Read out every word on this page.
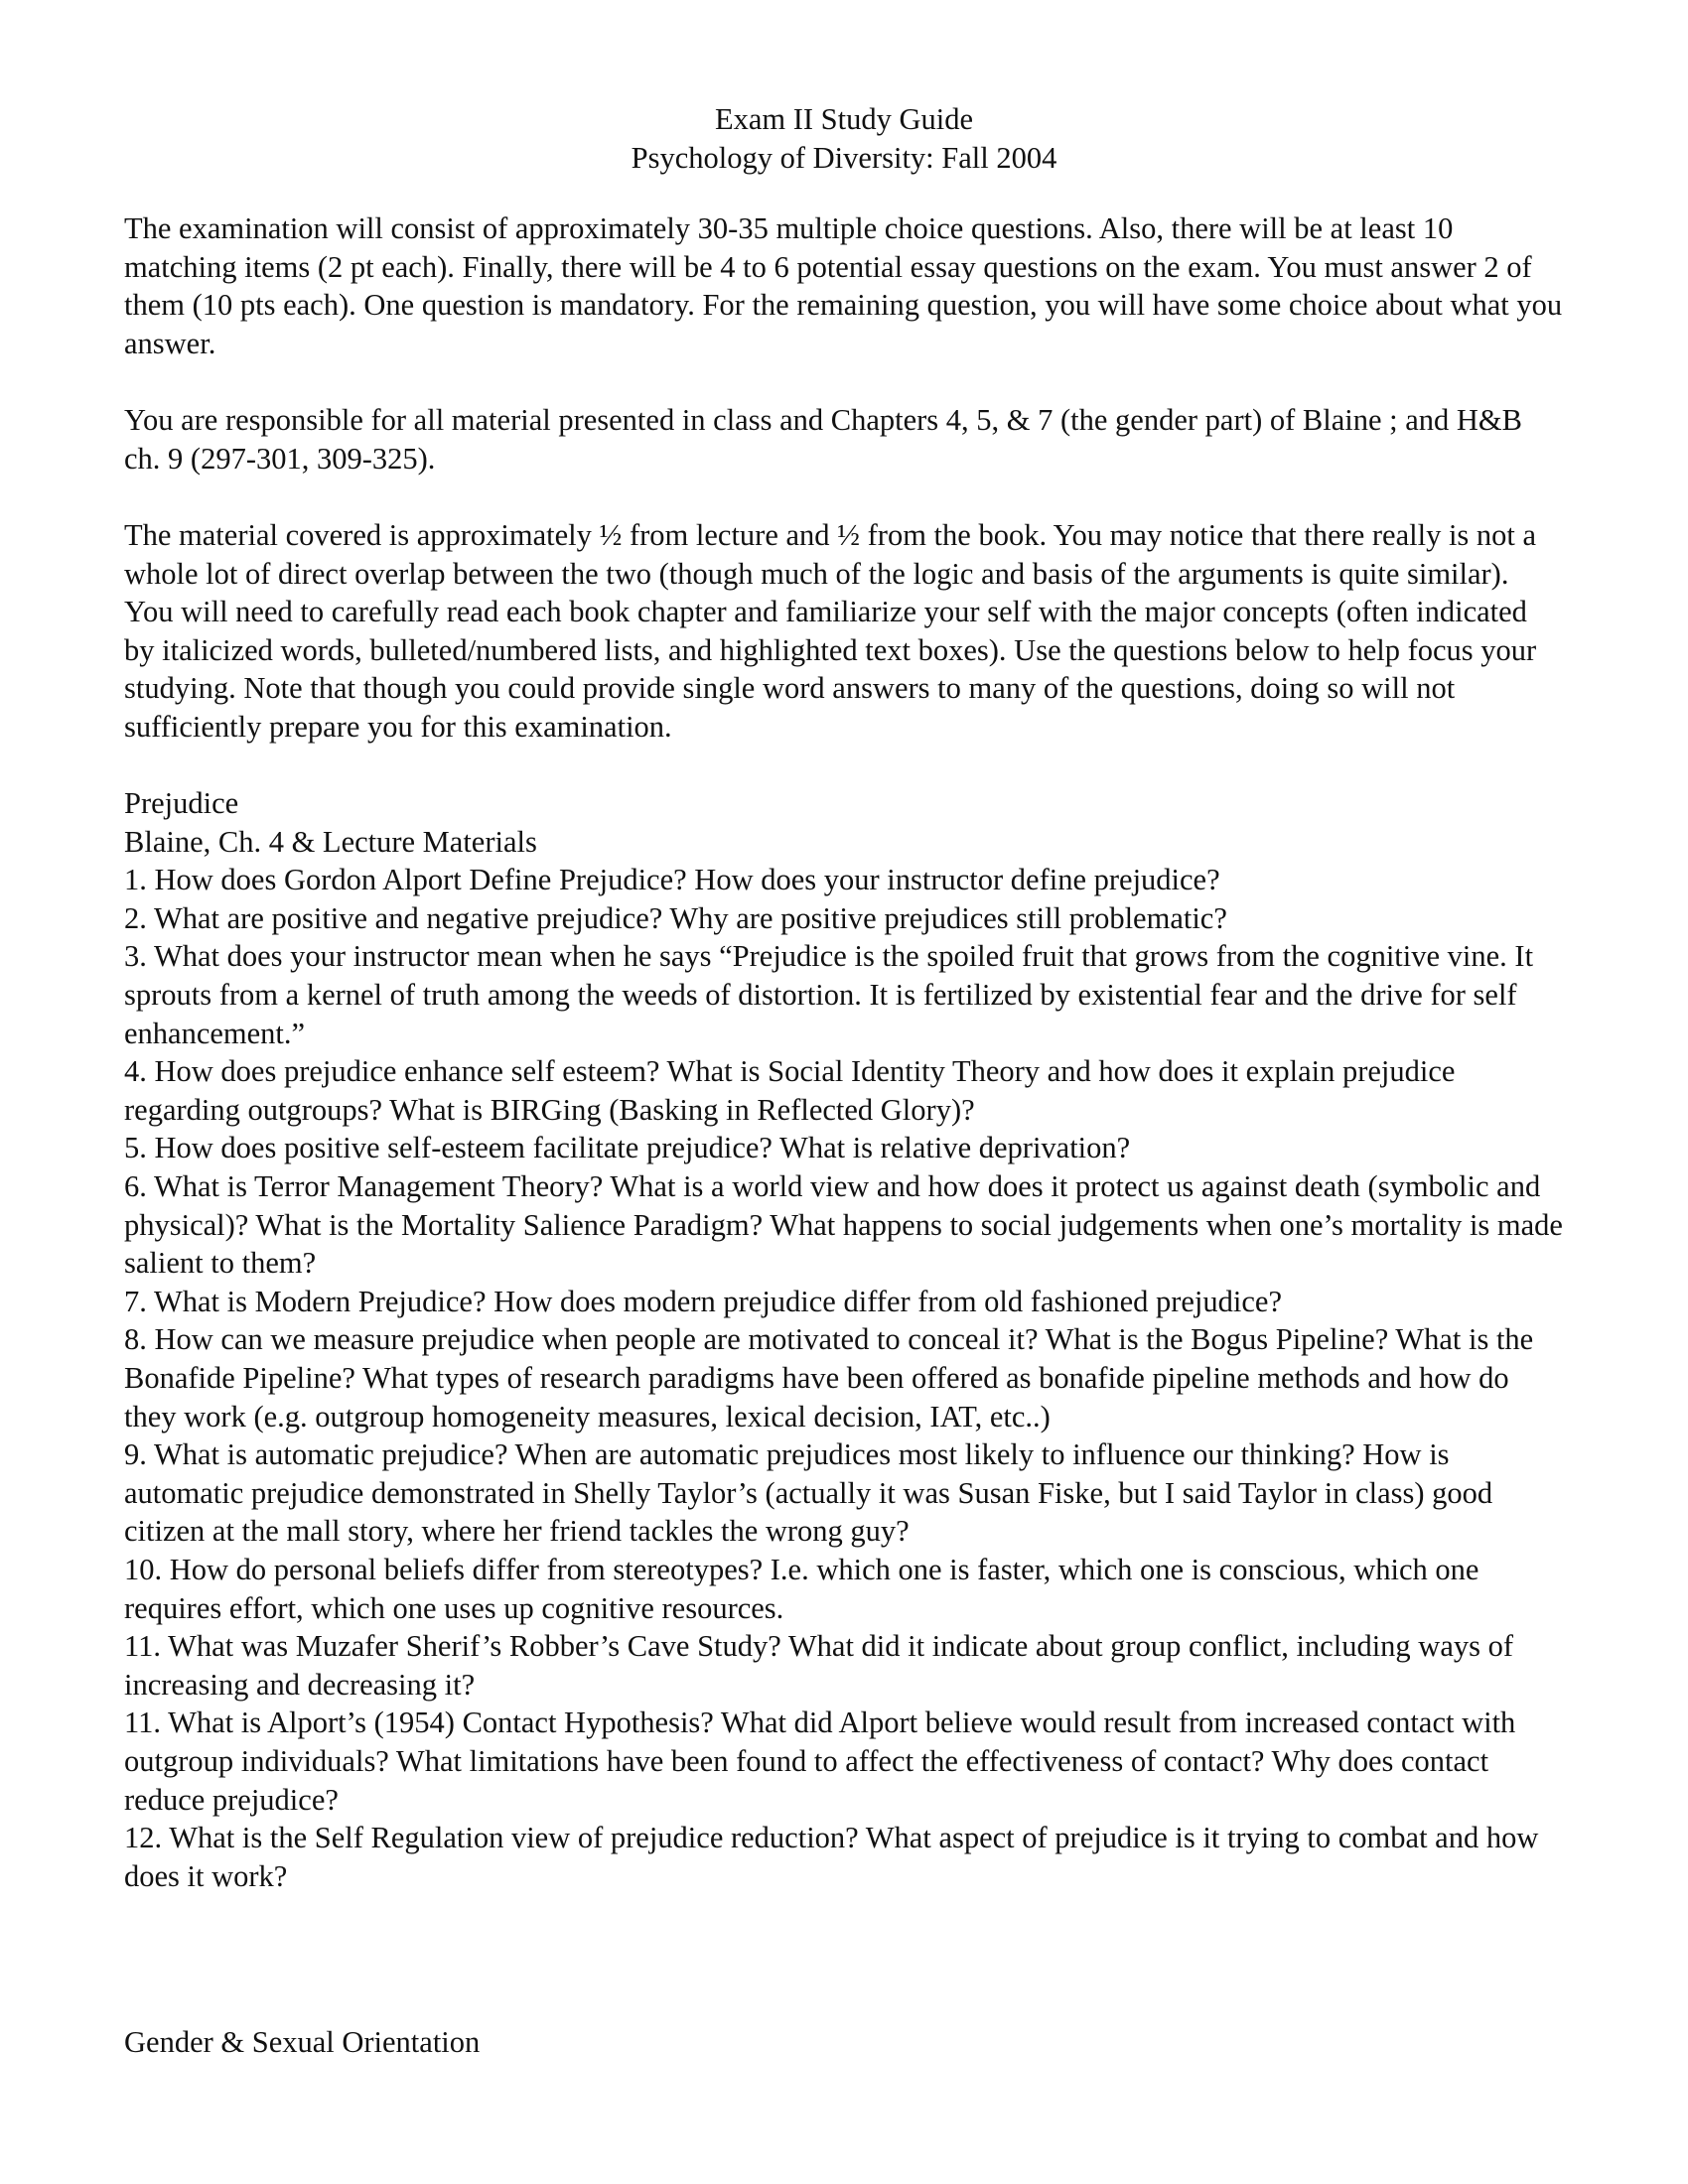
Exam II Study Guide
Psychology of Diversity: Fall 2004

The examination will consist of approximately 30-35 multiple choice questions. Also, there will be at least 10 matching items (2 pt each). Finally, there will be 4 to 6 potential essay questions on the exam. You must answer 2 of them (10 pts each). One question is mandatory. For the remaining question, you will have some choice about what you answer.

You are responsible for all material presented in class and Chapters 4, 5, & 7 (the gender part) of Blaine ; and H&B ch. 9 (297-301, 309-325).

The material covered is approximately ½ from lecture and ½ from the book. You may notice that there really is not a whole lot of direct overlap between the two (though much of the logic and basis of the arguments is quite similar). You will need to carefully read each book chapter and familiarize your self with the major concepts (often indicated by italicized words, bulleted/numbered lists, and highlighted text boxes). Use the questions below to help focus your studying. Note that though you could provide single word answers to many of the questions, doing so will not sufficiently prepare you for this examination.

Prejudice

Blaine, Ch. 4 & Lecture Materials

1. How does Gordon Alport Define Prejudice? How does your instructor define prejudice?
2. What are positive and negative prejudice? Why are positive prejudices still problematic?
3. What does your instructor mean when he says “Prejudice is the spoiled fruit that grows from the cognitive vine. It sprouts from a kernel of truth among the weeds of distortion. It is fertilized by existential fear and the drive for self enhancement.”
4. How does prejudice enhance self esteem? What is Social Identity Theory and how does it explain prejudice regarding outgroups? What is BIRGing (Basking in Reflected Glory)?
5. How does positive self-esteem facilitate prejudice? What is relative deprivation?
6. What is Terror Management Theory? What is a world view and how does it protect us against death (symbolic and physical)? What is the Mortality Salience Paradigm? What happens to social judgements when one’s mortality is made salient to them?
7. What is Modern Prejudice? How does modern prejudice differ from old fashioned prejudice?
8. How can we measure prejudice when people are motivated to conceal it? What is the Bogus Pipeline? What is the Bonafide Pipeline? What types of research paradigms have been offered as bonafide pipeline methods and how do they work (e.g. outgroup homogeneity measures, lexical decision, IAT, etc..)
9. What is automatic prejudice? When are automatic prejudices most likely to influence our thinking? How is automatic prejudice demonstrated in Shelly Taylor’s (actually it was Susan Fiske, but I said Taylor in class) good citizen at the mall story, where her friend tackles the wrong guy?
10. How do personal beliefs differ from stereotypes? I.e. which one is faster, which one is conscious, which one requires effort, which one uses up cognitive resources.
11. What was Muzafer Sherif’s Robber’s Cave Study? What did it indicate about group conflict, including ways of increasing and decreasing it?
11. What is Alport’s (1954) Contact Hypothesis? What did Alport believe would result from increased contact with outgroup individuals? What limitations have been found to affect the effectiveness of contact? Why does contact reduce prejudice?
12. What is the Self Regulation view of prejudice reduction? What aspect of prejudice is it trying to combat and how does it work?

Gender & Sexual Orientation
